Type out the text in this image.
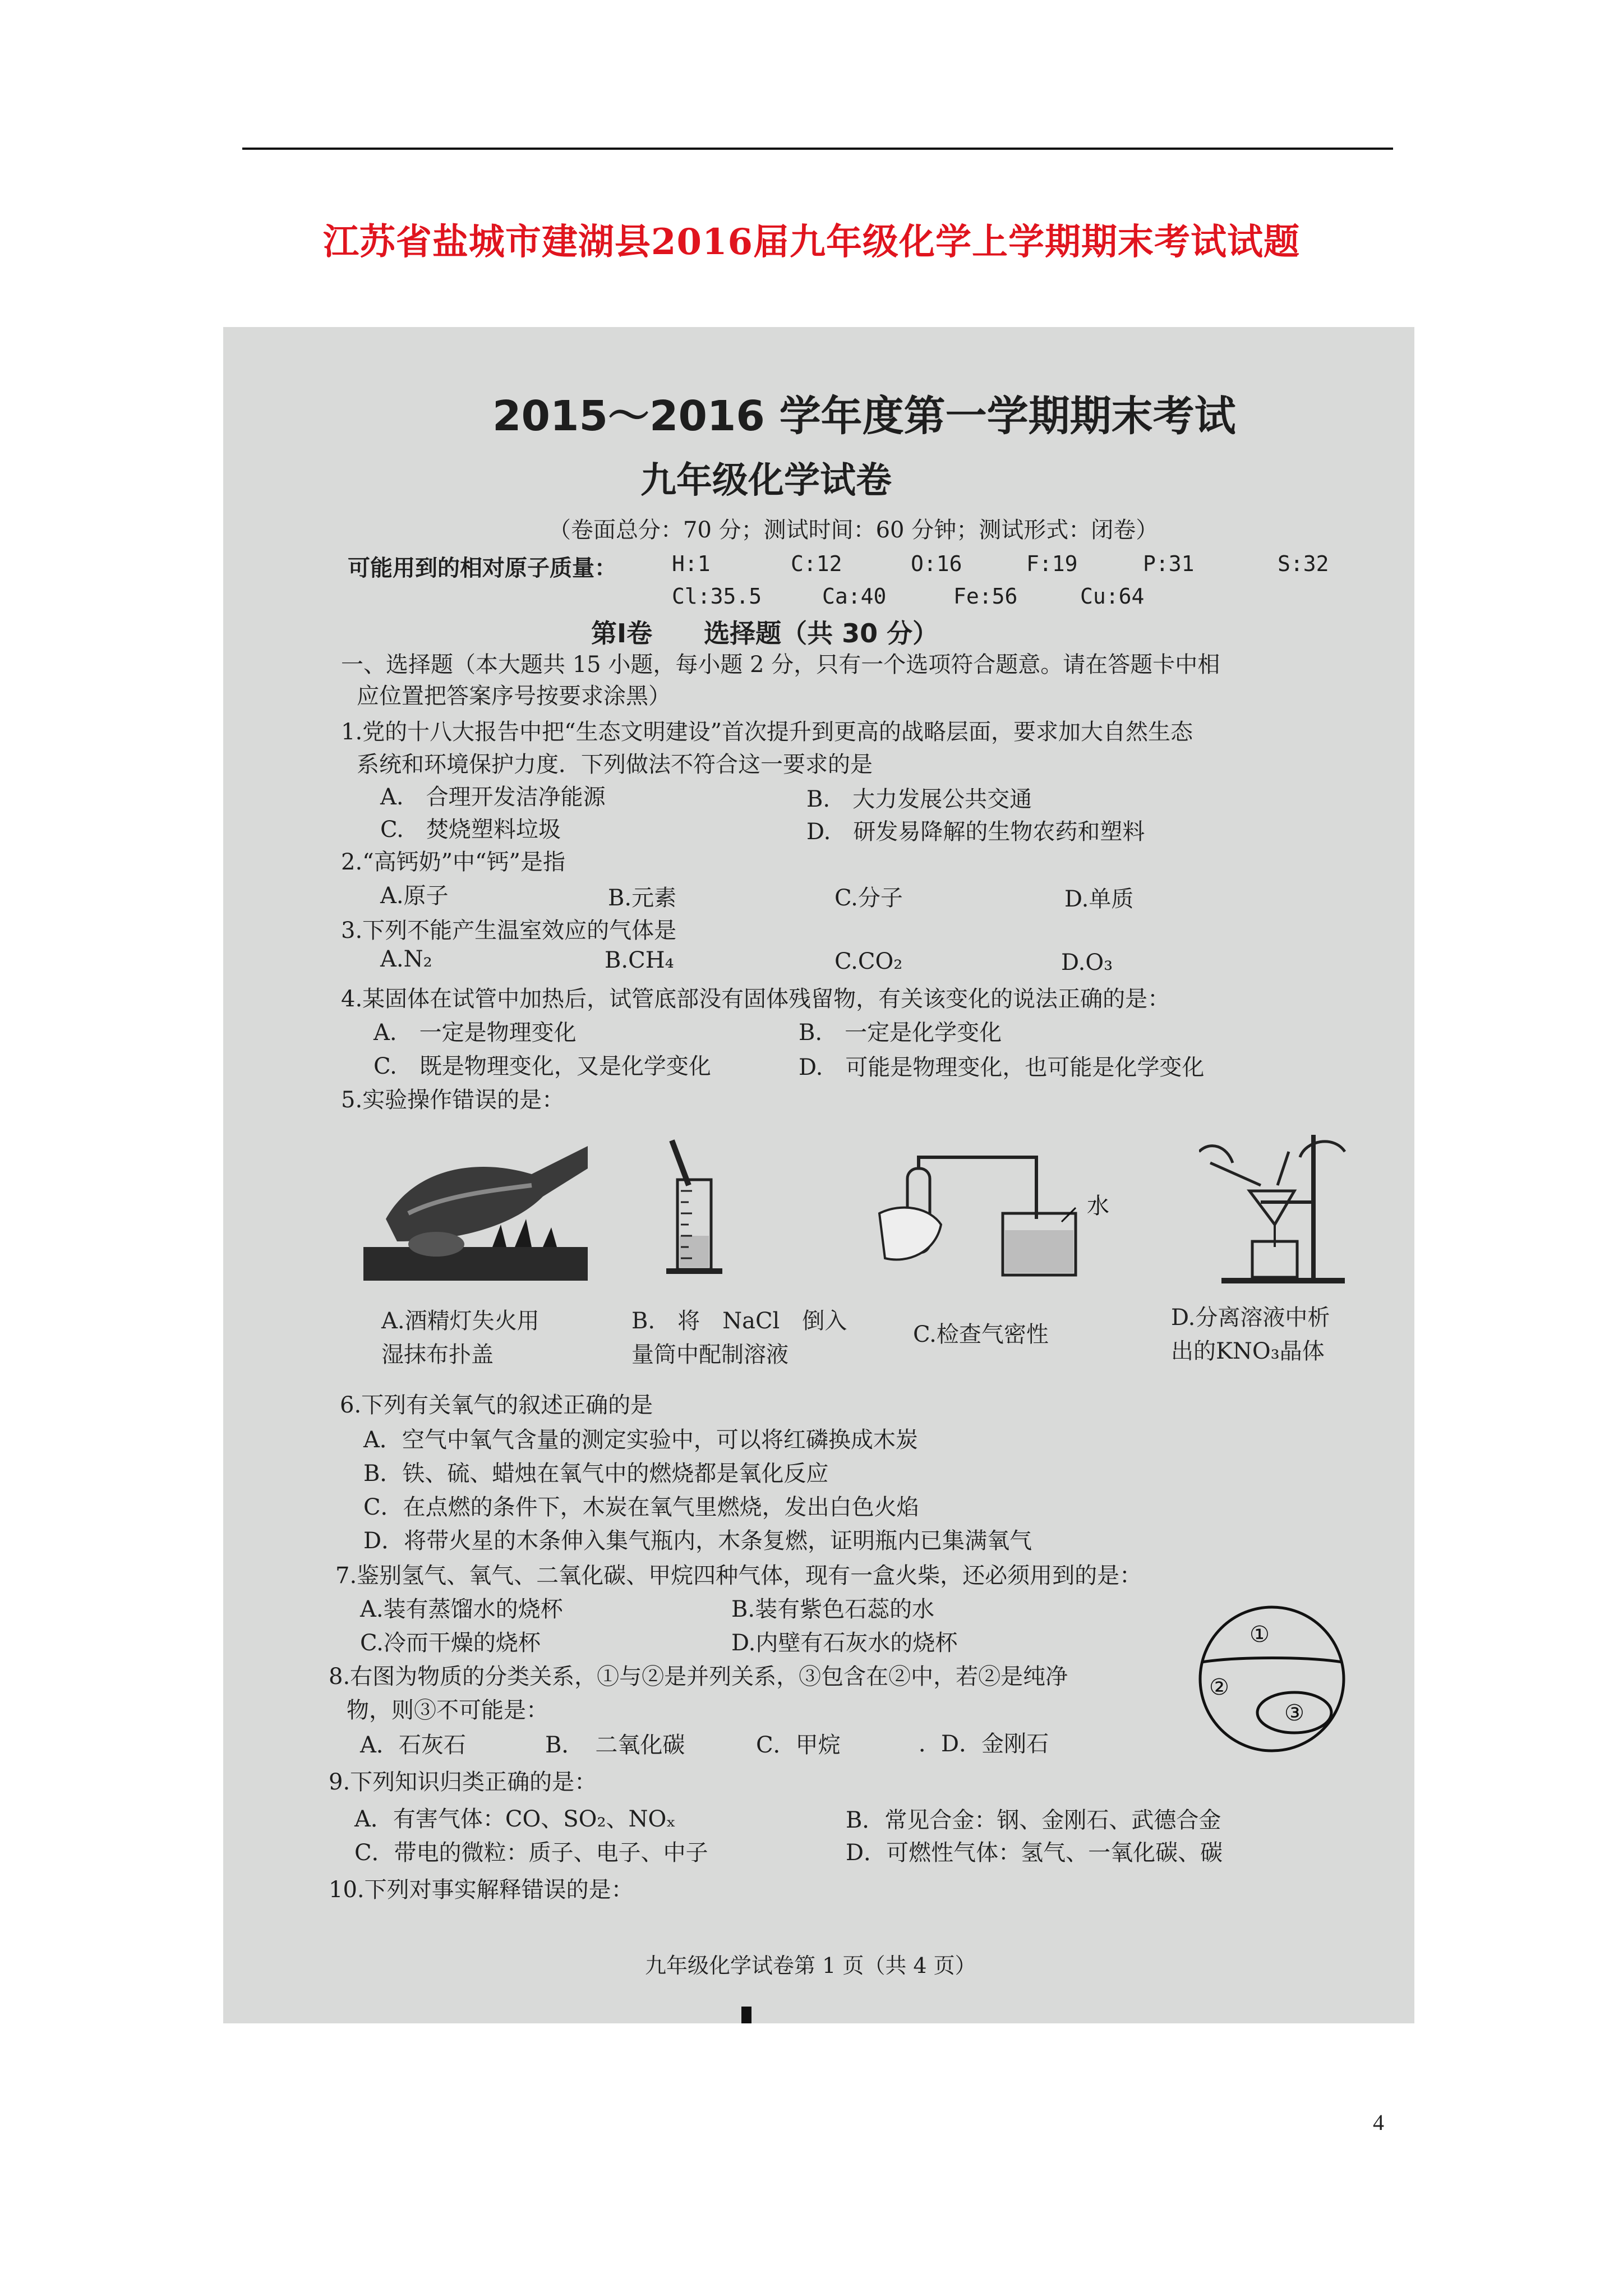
江苏省盐城市建湖县2016届九年级化学上学期期末考试试题
2015～2016 学年度第一学期期末考试
九年级化学试卷
（卷面总分：70 分；测试时间：60 分钟；测试形式：闭卷）
可能用到的相对原子质量：	H:1	C:12	O:16	F:19	P:31	S:32
Cl:35.5	Ca:40	Fe:56	Cu:64
第Ⅰ卷　　选择题（共 30 分）
一、选择题（本大题共 15 小题，每小题 2 分，只有一个选项符合题意。请在答题卡中相
应位置把答案序号按要求涂黑）
1.党的十八大报告中把“生态文明建设”首次提升到更高的战略层面，要求加大自然生态
系统和环境保护力度．下列做法不符合这一要求的是
A.　合理开发洁净能源	B.　大力发展公共交通
C.　焚烧塑料垃圾	D.　研发易降解的生物农药和塑料
2.“高钙奶”中“钙”是指
A.原子	B.元素	C.分子	D.单质
3.下列不能产生温室效应的气体是
A.N₂	B.CH₄	C.CO₂	D.O₃
4.某固体在试管中加热后，试管底部没有固体残留物，有关该变化的说法正确的是：
A.　一定是物理变化	B.　一定是化学变化
C.　既是物理变化，又是化学变化	D.　可能是物理变化，也可能是化学变化
5.实验操作错误的是：
水
A.酒精灯失火用
湿抹布扑盖
B.　将　NaCl　倒入
量筒中配制溶液
C.检查气密性
D.分离溶液中析
出的KNO₃晶体
6.下列有关氧气的叙述正确的是
A．空气中氧气含量的测定实验中，可以将红磷换成木炭
B．铁、硫、蜡烛在氧气中的燃烧都是氧化反应
C．在点燃的条件下，木炭在氧气里燃烧，发出白色火焰
D．将带火星的木条伸入集气瓶内，木条复燃，证明瓶内已集满氧气
7.鉴别氢气、氧气、二氧化碳、甲烷四种气体，现有一盒火柴，还必须用到的是：
A.装有蒸馏水的烧杯	B.装有紫色石蕊的水
C.冷而干燥的烧杯	D.内壁有石灰水的烧杯	①
②
③
8.右图为物质的分类关系，①与②是并列关系，③包含在②中，若②是纯净
物，则③不可能是：
A．石灰石	B．　二氧化碳	C．甲烷	．D．金刚石
9.下列知识归类正确的是：
A．有害气体：CO、SO₂、NOₓ	B．常见合金：钢、金刚石、武德合金
C．带电的微粒：质子、电子、中子	D．可燃性气体：氢气、一氧化碳、碳
10.下列对事实解释错误的是：
九年级化学试卷第 1 页（共 4 页）
4
